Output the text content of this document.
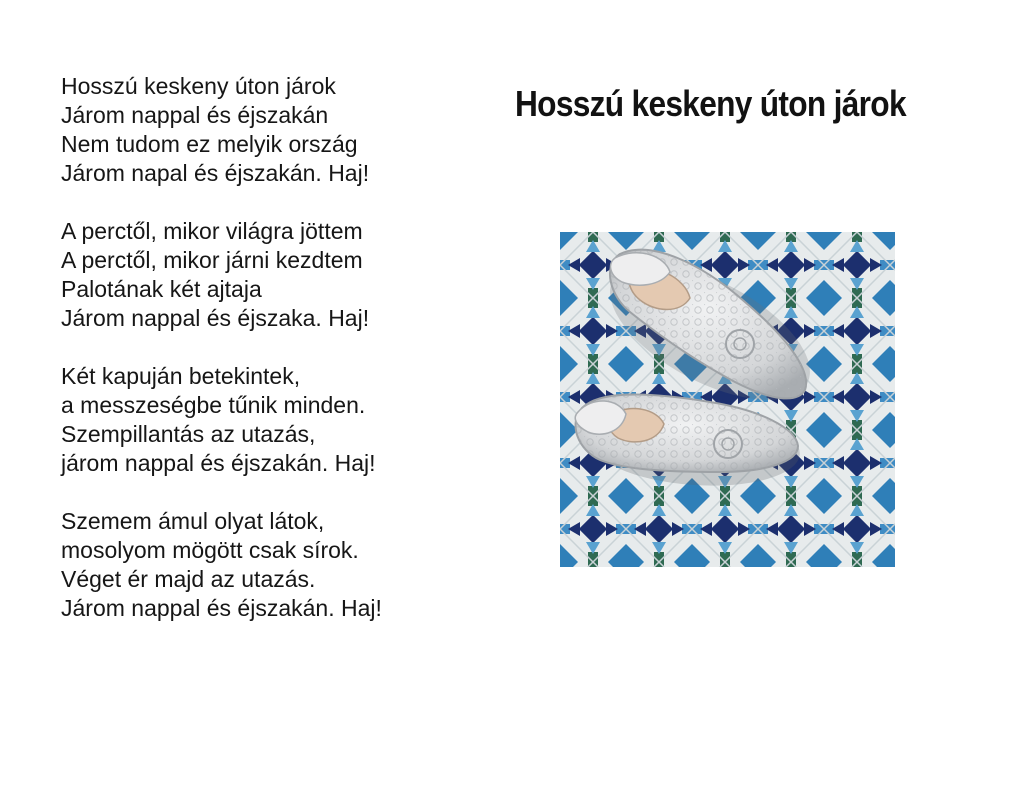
Hosszú keskeny úton járok
Járom nappal és éjszakán
Nem tudom ez melyik ország
Járom napal és éjszakán. Haj!
A perctől, mikor világra jöttem
A perctől, mikor járni kezdtem
Palotának két ajtaja
Járom nappal és éjszaka. Haj!
Két kapuján betekintek,
a messzeségbe tűnik minden.
Szempillantás az utazás,
járom nappal és éjszakán. Haj!
Szemem ámul olyat látok,
mosolyom mögött csak sírok.
Véget ér majd az utazás.
Járom nappal és éjszakán. Haj!
Hosszú keskeny úton járok
